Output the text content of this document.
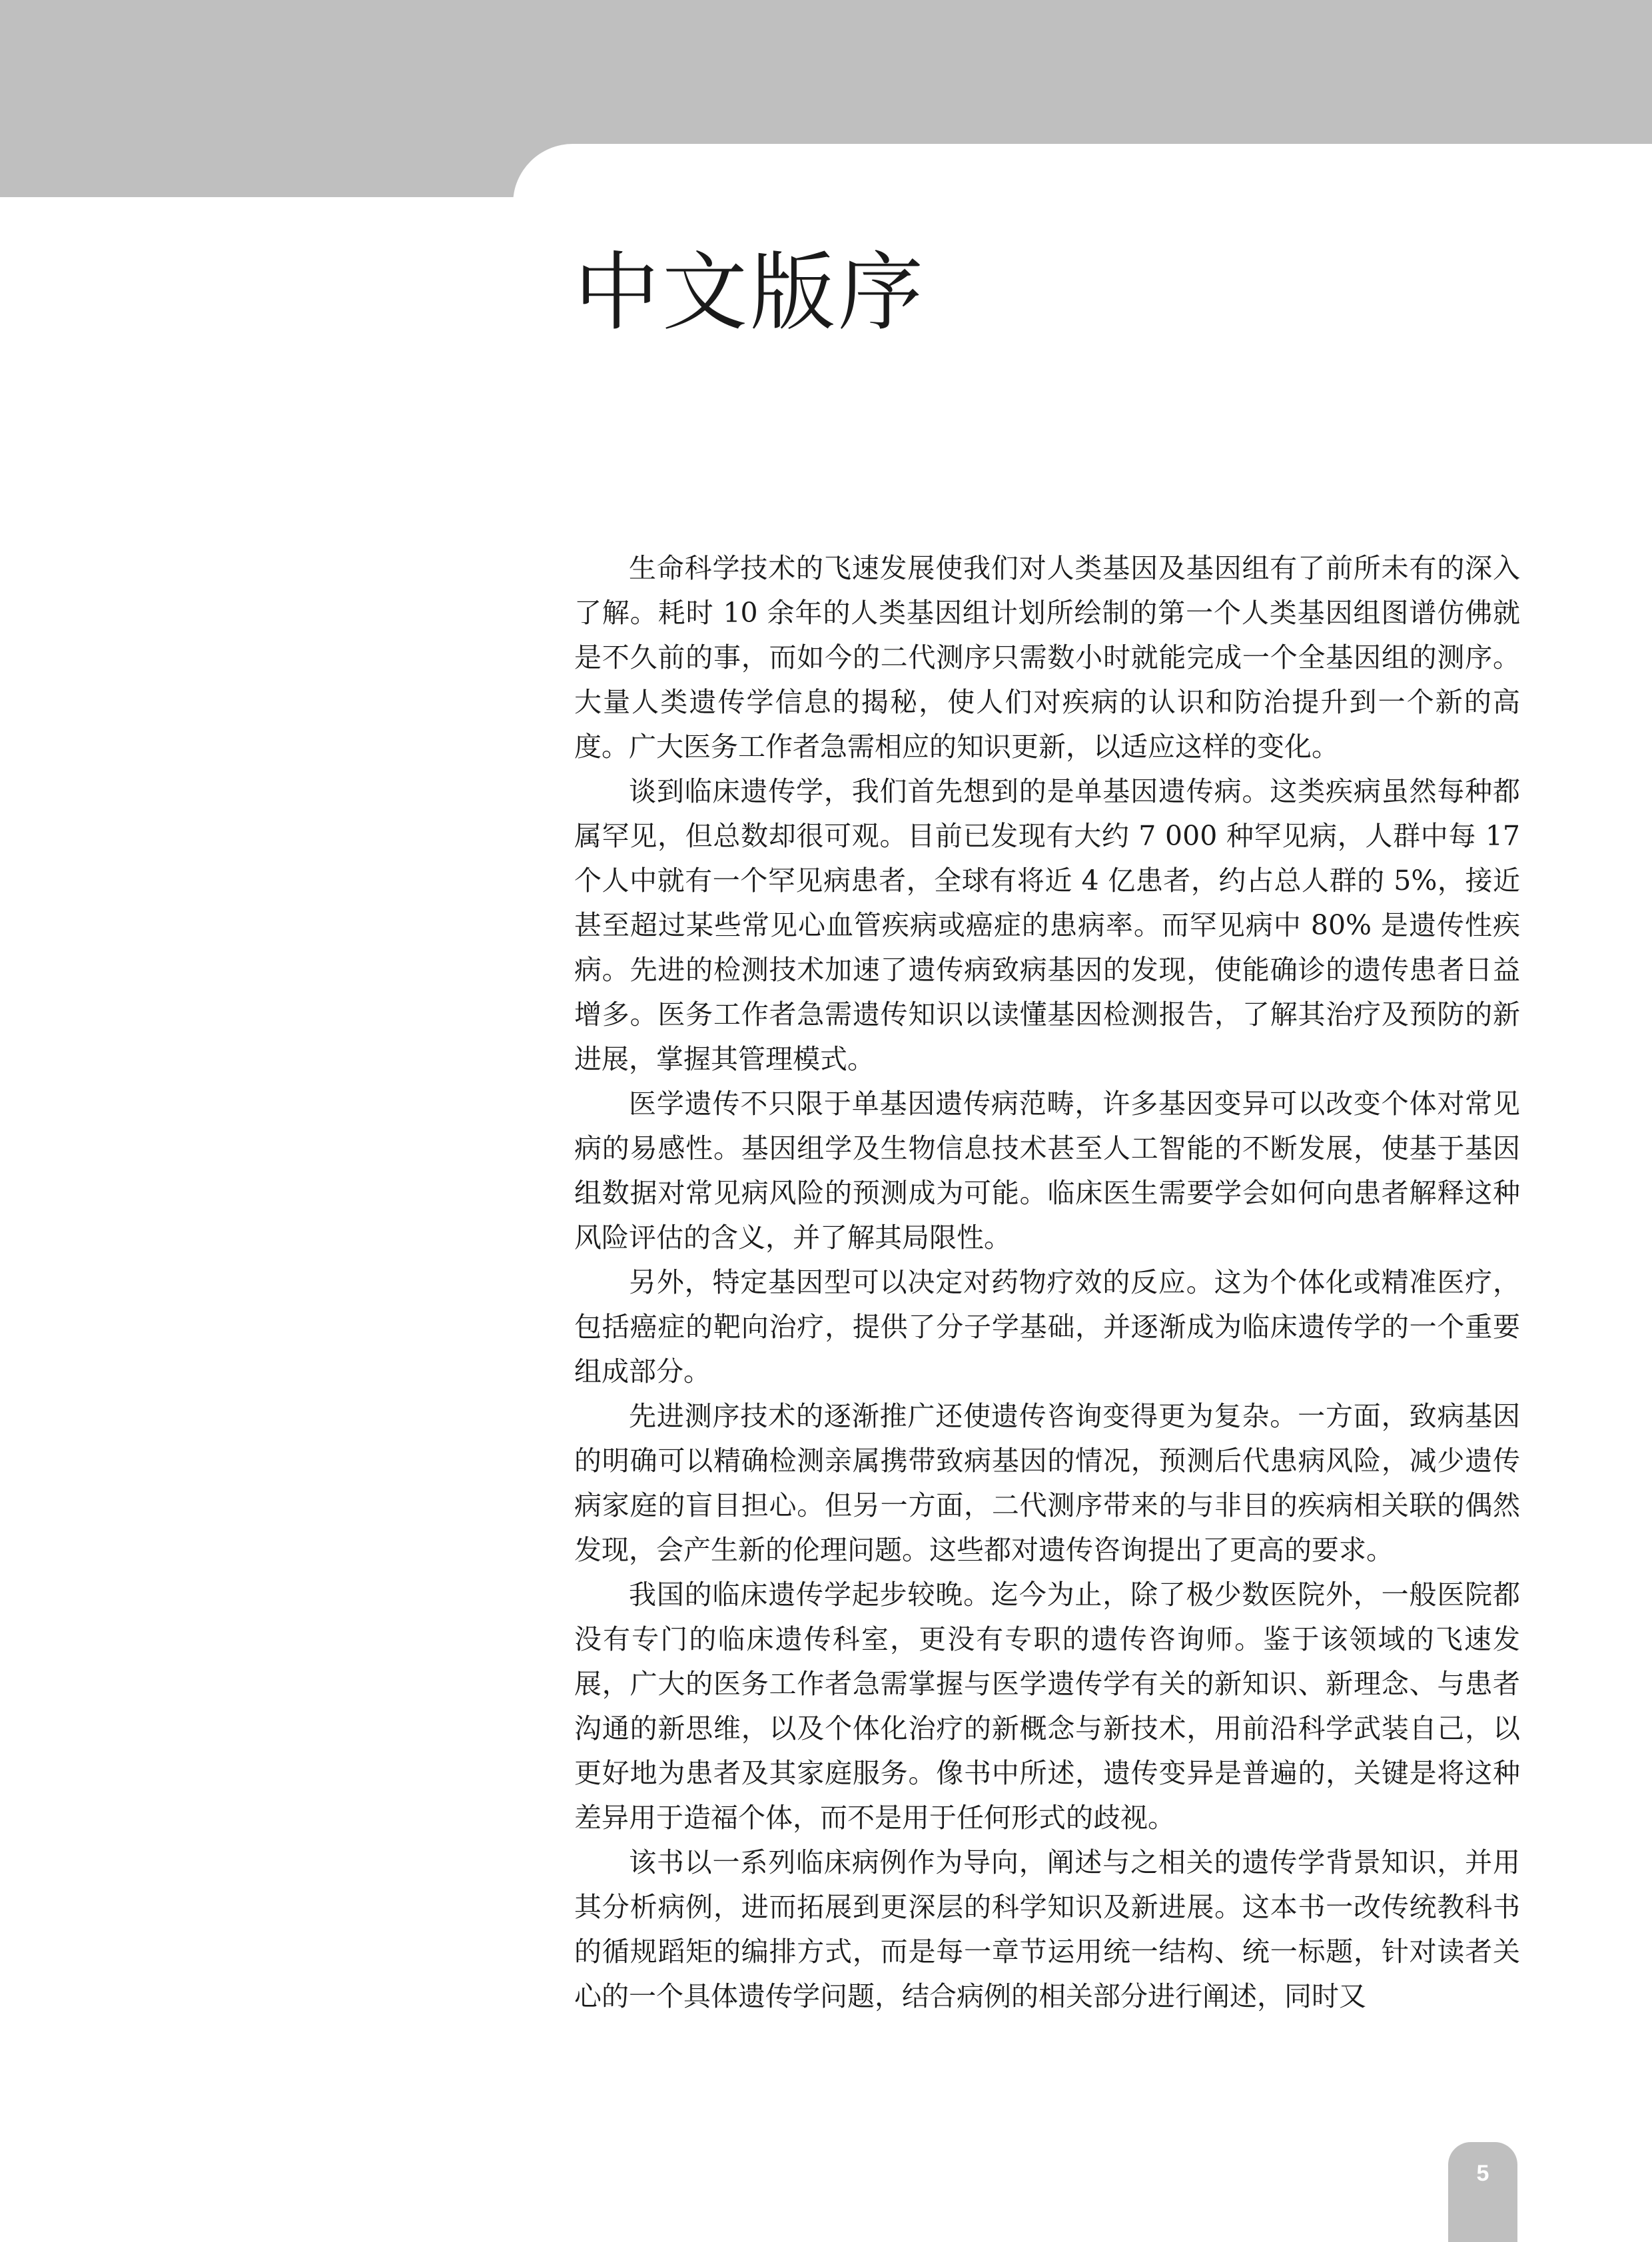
中文版序

生命科学技术的飞速发展使我们对人类基因及基因组有了前所未有的深入了解。耗时 10 余年的人类基因组计划所绘制的第一个人类基因组图谱仿佛就是不久前的事，而如今的二代测序只需数小时就能完成一个全基因组的测序。大量人类遗传学信息的揭秘，使人们对疾病的认识和防治提升到一个新的高度。广大医务工作者急需相应的知识更新，以适应这样的变化。

谈到临床遗传学，我们首先想到的是单基因遗传病。这类疾病虽然每种都属罕见，但总数却很可观。目前已发现有大约 7 000 种罕见病，人群中每 17 个人中就有一个罕见病患者，全球有将近 4 亿患者，约占总人群的 5%，接近甚至超过某些常见心血管疾病或癌症的患病率。而罕见病中 80% 是遗传性疾病。先进的检测技术加速了遗传病致病基因的发现，使能确诊的遗传患者日益增多。医务工作者急需遗传知识以读懂基因检测报告，了解其治疗及预防的新进展，掌握其管理模式。

医学遗传不只限于单基因遗传病范畴，许多基因变异可以改变个体对常见病的易感性。基因组学及生物信息技术甚至人工智能的不断发展，使基于基因组数据对常见病风险的预测成为可能。临床医生需要学会如何向患者解释这种风险评估的含义，并了解其局限性。

另外，特定基因型可以决定对药物疗效的反应。这为个体化或精准医疗，包括癌症的靶向治疗，提供了分子学基础，并逐渐成为临床遗传学的一个重要组成部分。

先进测序技术的逐渐推广还使遗传咨询变得更为复杂。一方面，致病基因的明确可以精确检测亲属携带致病基因的情况，预测后代患病风险，减少遗传病家庭的盲目担心。但另一方面，二代测序带来的与非目的疾病相关联的偶然发现，会产生新的伦理问题。这些都对遗传咨询提出了更高的要求。

我国的临床遗传学起步较晚。迄今为止，除了极少数医院外，一般医院都没有专门的临床遗传科室，更没有专职的遗传咨询师。鉴于该领域的飞速发展，广大的医务工作者急需掌握与医学遗传学有关的新知识、新理念、与患者沟通的新思维，以及个体化治疗的新概念与新技术，用前沿科学武装自己，以更好地为患者及其家庭服务。像书中所述，遗传变异是普遍的，关键是将这种差异用于造福个体，而不是用于任何形式的歧视。

该书以一系列临床病例作为导向，阐述与之相关的遗传学背景知识，并用其分析病例，进而拓展到更深层的科学知识及新进展。这本书一改传统教科书的循规蹈矩的编排方式，而是每一章节运用统一结构、统一标题，针对读者关心的一个具体遗传学问题，结合病例的相关部分进行阐述，同时又

5
